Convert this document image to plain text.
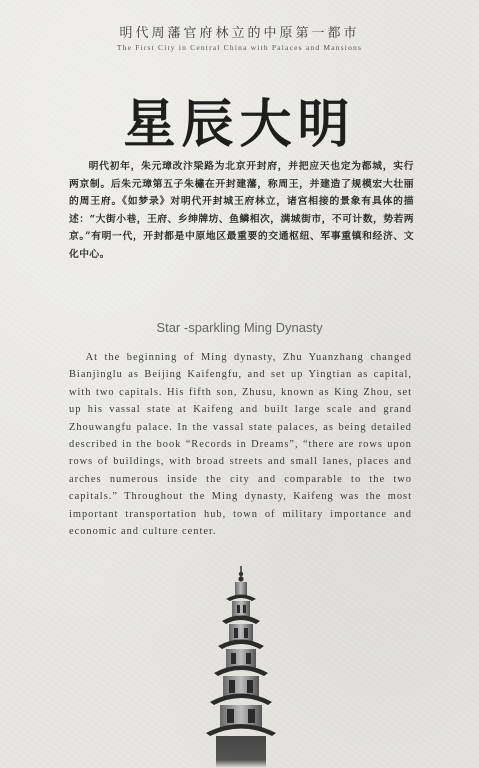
明代周藩官府林立的中原第一都市
The First City in Central China with Palaces and Mansions
星辰大明
明代初年，朱元璋改汴梁路为北京开封府，并把应天也定为都城，实行两京制。后朱元璋第五子朱橚在开封建藩，称周王，并建造了规模宏大壮丽的周王府。《如梦录》对明代开封城王府林立，诸宫相接的景象有具体的描述：“大街小巷，王府、乡绅牌坊、鱼鳞相次，满城街市，不可计数，势若两京。”有明一代，开封都是中原地区最重要的交通枢纽、军事重镇和经济、文化中心。
Star -sparkling Ming Dynasty
At the beginning of Ming dynasty, Zhu Yuanzhang changed Bianjinglu as Beijing Kaifengfu, and set up Yingtian as capital, with two capitals. His fifth son, Zhusu, known as King Zhou, set up his vassal state at Kaifeng and built large scale and grand Zhouwangfu palace. In the vassal state palaces, as being detailed described in the book “Records in Dreams”, “there are rows upon rows of buildings, with broad streets and small lanes, places and arches numerous inside the city and comparable to the two capitals.” Throughout the Ming dynasty, Kaifeng was the most important transportation hub, town of military importance and economic and culture center.
